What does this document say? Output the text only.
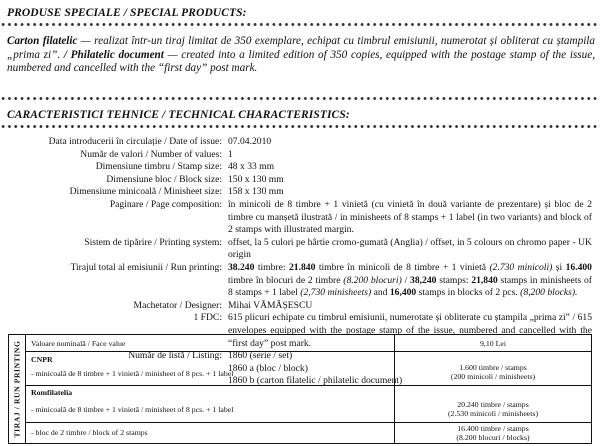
PRODUSE SPECIALE / SPECIAL PRODUCTS:
Carton filatelic — realizat într-un tiraj limitat de 350 exemplare, echipat cu timbrul emisiunii, numerotat și obliterat cu ștampila „prima zi”. / Philatelic document — created into a limited edition of 350 copies, equipped with the postage stamp of the issue, numbered and cancelled with the “first day” post mark.
CARACTERISTICI TEHNICE / TECHNICAL CHARACTERISTICS:
Data introducerii în circulație / Date of issue: 07.04.2010
Număr de valori / Number of values: 1
Dimensiune timbru / Stamp size: 48 x 33 mm
Dimensiune bloc / Block size: 150 x 130 mm
Dimensiune minicoală / Minisheet size: 158 x 130 mm
Paginare / Page composition: în minicoli de 8 timbre + 1 vinietă (cu vinietă în două variante de prezentare) și bloc de 2 timbre cu manșetă ilustrată / in minisheets of 8 stamps + 1 label (in two variants) and block of 2 stamps with illustrated margin.
Sistem de tipărire / Printing system: offset, la 5 culori pe hârtie cromo-gumată (Anglia) / offset, in 5 colours on chromo paper - UK origin
Tirajul total al emisiunii / Run printing: 38.240 timbre: 21.840 timbre în minicoli de 8 timbre + 1 vinietă (2.730 minicoli) și 16.400 timbre în blocuri de 2 timbre (8.200 blocuri) / 38,240 stamps: 21,840 stamps in minisheets of 8 stamps + 1 label (2,730 minisheets) and 16,400 stamps in blocks of 2 pcs. (8,200 blocks).
Machetator / Designer: Mihai VĂMĂȘESCU
1 FDC: 615 plicuri echipate cu timbrul emisiunii, numerotate și obliterate cu ștampila „prima zi” / 615 envelopes equipped with the postage stamp of the issue, numbered and cancelled with the “first day” post mark.
Număr de listă / Listing: 1860 (serie / set)
1860 a (bloc / block)
1860 b (carton filatelic / philatelic document)
TIRAJ / RUN PRINTING Valoare nominală / Face value	9,10 Lei
CNPR
- minicoală de 8 timbre + 1 vinietă / minisheet of 8 pcs. + 1 label
1.600 timbre / stamps
(200 minicoli / minisheets)
Romfilatelia
- minicoală de 8 timbre + 1 vinietă / minisheet of 8 pcs. + 1 label
20.240 timbre / stamps
(2.530 minicoli / minisheets)
- bloc de 2 timbre / block of 2 stamps	16.400 timbre / stamps
(8.200 blocuri / blocks)
